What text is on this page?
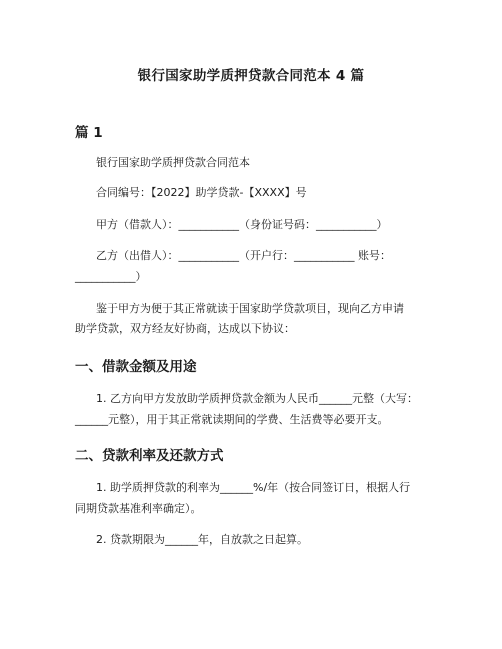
银行国家助学质押贷款合同范本 4 篇
篇 1
银行国家助学质押贷款合同范本
合同编号：【2022】助学贷款-【XXXX】号
甲方（借款人）：___________（身份证号码：___________）
乙方（出借人）：___________（开户行：___________ 账号：
___________）
鉴于甲方为便于其正常就读于国家助学贷款项目，现向乙方申请
助学贷款，双方经友好协商，达成以下协议：
一、借款金额及用途
1. 乙方向甲方发放助学质押贷款金额为人民币______元整（大写：
______元整），用于其正常就读期间的学费、生活费等必要开支。
二、贷款利率及还款方式
1. 助学质押贷款的利率为______%/年（按合同签订日，根据人行
同期贷款基准利率确定）。
2. 贷款期限为______年，自放款之日起算。
